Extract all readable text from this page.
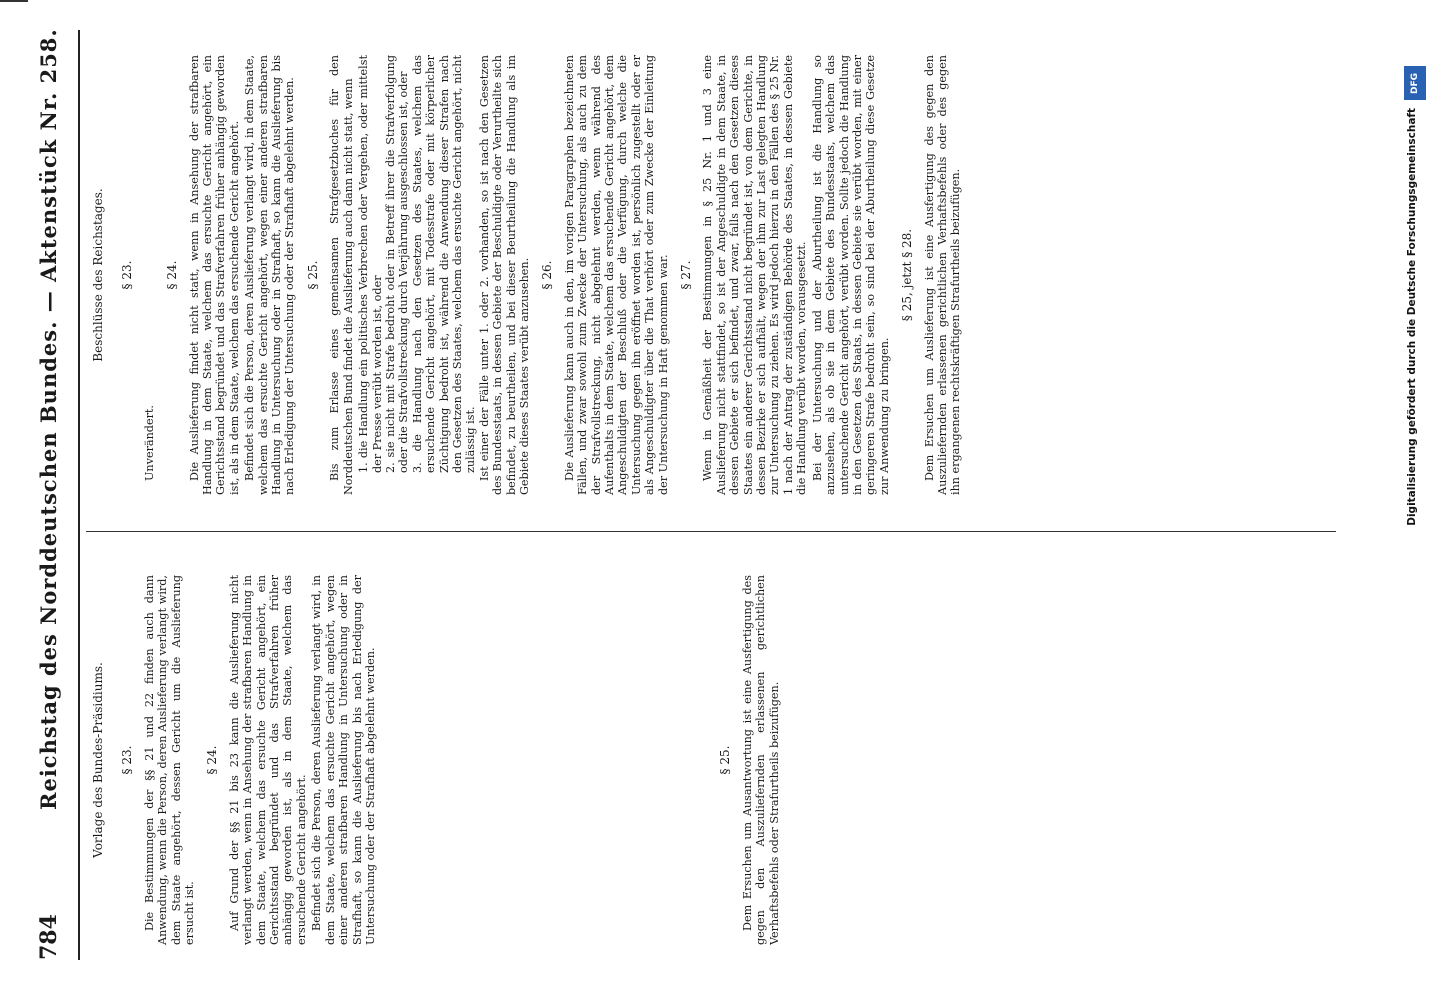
784
Reichstag des Norddeutschen Bundes. — Aktenstück Nr. 258.	Vorlage des Bundes-Präsidiums. § 23. Die Bestimmungen der §§ 21 und 22 finden auch dann Anwendung, wenn die Person, deren Auslieferung verlangt wird, dem Staate angehört, dessen Gericht um die Auslieferung ersucht ist.

§ 24. Auf Grund der §§ 21 bis 23 kann die Auslieferung nicht verlangt werden, wenn in Ansehung der strafbaren Handlung in dem Staate, welchem das ersuchte Gericht angehört, ein Gerichtsstand begründet und das Strafverfahren früher anhängig geworden ist, als in dem Staate, welchem das ersuchende Gericht angehört. Befindet sich die Person, deren Auslieferung verlangt wird, in dem Staate, welchem das ersuchte Gericht angehört, wegen einer anderen strafbaren Handlung in Untersuchung oder in Strafhaft, so kann die Auslieferung bis nach Erledigung der Untersuchung oder der Strafhaft abgelehnt werden.	§ 25. Dem Ersuchen um Ausantwortung ist eine Ausfertigung des gegen den Auszuliefernden erlassenen gerichtlichen Verhaftsbefehls oder Strafurtheils beizufügen.

Beschlüsse des Reichstages. § 23.

Unverändert.

§ 24. Die Auslieferung findet nicht statt, wenn in Ansehung der strafbaren Handlung in dem Staate, welchem das ersuchte Gericht angehört, ein Gerichtsstand begründet und das Strafverfahren früher anhängig geworden ist, als in dem Staate, welchem das ersuchende Gericht angehört. Befindet sich die Person, deren Auslieferung verlangt wird, in dem Staate, welchem das ersuchte Gericht angehört, wegen einer anderen strafbaren Handlung in Untersuchung oder in Strafhaft, so kann die Auslieferung bis nach Erledigung der Untersuchung oder der Strafhaft abgelehnt werden. § 25. Bis zum Erlasse eines gemeinsamen Strafgesetzbuches für den Norddeutschen Bund findet die Auslieferung auch dann nicht statt, wenn 1. die Handlung ein politisches Verbrechen oder Vergehen, oder mittelst der Presse verübt worden ist, oder 2. sie nicht mit Strafe bedroht oder in Betreff ihrer die Strafverfolgung oder die Strafvollstreckung durch Verjährung ausgeschlossen ist, oder 3. die Handlung nach den Gesetzen des Staates, welchem das ersuchende Gericht angehört, mit Todesstrafe oder mit körperlicher Züchtigung bedroht ist, während die Anwendung dieser Strafen nach den Gesetzen des Staates, welchem das ersuchte Gericht angehört, nicht zulässig ist. Ist einer der Fälle unter 1. oder 2. vorhanden, so ist nach den Gesetzen des Bundesstaats, in dessen Gebiete der Beschuldigte oder Verurtheilte sich befindet, zu beurtheilen, und bei dieser Beurtheilung die Handlung als im Gebiete dieses Staates verübt anzusehen. § 26. Die Auslieferung kann auch in den, im vorigen Paragraphen bezeichneten Fällen, und zwar sowohl zum Zwecke der Untersuchung, als auch zu dem der Strafvollstreckung, nicht abgelehnt werden, wenn während des Aufenthalts in dem Staate, welchem das ersuchende Gericht angehört, dem Angeschuldigten der Beschluß oder die Verfügung, durch welche die Untersuchung gegen ihn eröffnet worden ist, persönlich zugestellt oder er als Angeschuldigter über die That verhört oder zum Zwecke der Einleitung der Untersuchung in Haft genommen war. § 27. Wenn in Gemäßheit der Bestimmungen in § 25 Nr. 1 und 3 eine Auslieferung nicht stattfindet, so ist der Angeschuldigte in dem Staate, in dessen Gebiete er sich befindet, und zwar, falls nach den Gesetzen dieses Staates ein anderer Gerichtsstand nicht begründet ist, von dem Gerichte, in dessen Bezirke er sich aufhält, wegen der ihm zur Last gelegten Handlung zur Untersuchung zu ziehen. Es wird jedoch hierzu in den Fällen des § 25 Nr. 1 nach der Antrag der zuständigen Behörde des Staates, in dessen Gebiete die Handlung verübt worden, vorausgesetzt. Bei der Untersuchung und der Aburtheilung ist die Handlung so anzusehen, als ob sie in dem Gebiete des Bundesstaats, welchem das untersuchende Gericht angehört, verübt worden. Sollte jedoch die Handlung in den Gesetzen des Staats, in dessen Gebiete sie verübt worden, mit einer geringeren Strafe bedroht sein, so sind bei der Aburtheilung diese Gesetze zur Anwendung zu bringen.

§ 25, jetzt § 28. Dem Ersuchen um Auslieferung ist eine Ausfertigung des gegen den Auszuliefernden erlassenen gerichtlichen Verhaftsbefehls oder des gegen ihn ergangenen rechtskräftigen Strafurtheils beizufügen.

DFG
Digitalisierung gefördert durch die Deutsche Forschungsgemeinschaft
